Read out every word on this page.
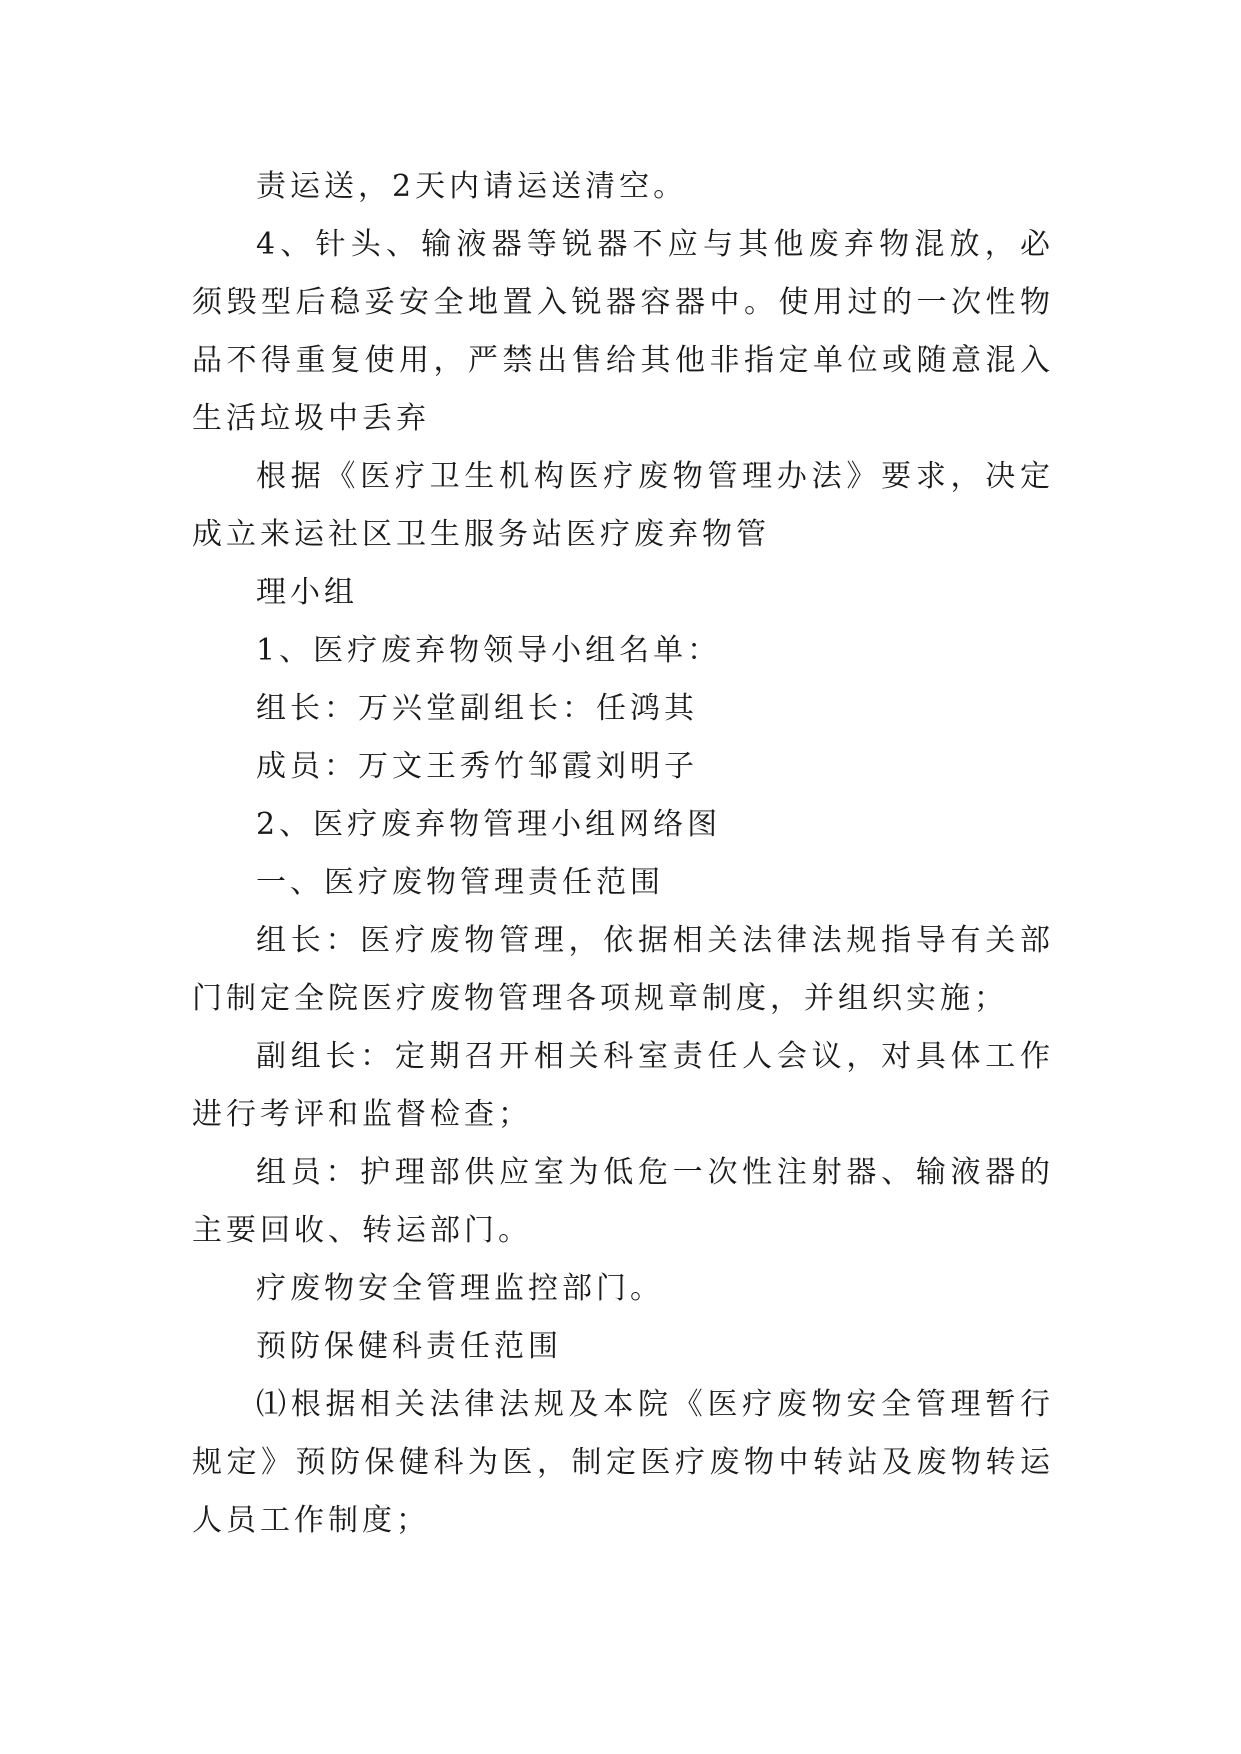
责运送，2天内请运送清空。

4、针头、输液器等锐器不应与其他废弃物混放，必须毁型后稳妥安全地置入锐器容器中。使用过的一次性物品不得重复使用，严禁出售给其他非指定单位或随意混入生活垃圾中丢弃

根据《医疗卫生机构医疗废物管理办法》要求，决定成立来运社区卫生服务站医疗废弃物管

理小组

1、医疗废弃物领导小组名单：

组长：万兴堂副组长：任鸿其

成员：万文王秀竹邹霞刘明子

2、医疗废弃物管理小组网络图

一、医疗废物管理责任范围

组长：医疗废物管理，依据相关法律法规指导有关部门制定全院医疗废物管理各项规章制度，并组织实施；

副组长：定期召开相关科室责任人会议，对具体工作进行考评和监督检查；

组员：护理部供应室为低危一次性注射器、输液器的主要回收、转运部门。

疗废物安全管理监控部门。

预防保健科责任范围

⑴根据相关法律法规及本院《医疗废物安全管理暂行规定》预防保健科为医，制定医疗废物中转站及废物转运人员工作制度；
